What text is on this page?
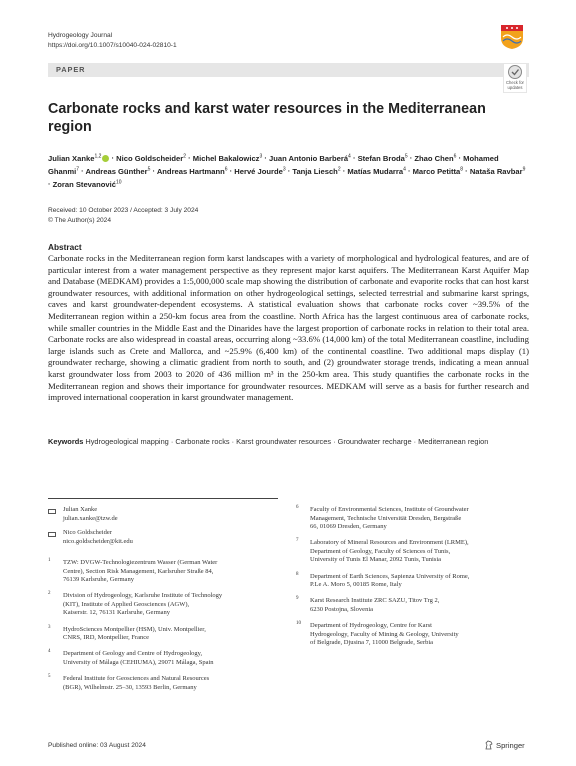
Hydrogeology Journal
https://doi.org/10.1007/s10040-024-02810-1
PAPER
Check for
updates
Carbonate rocks and karst water resources in the Mediterranean region
Julian Xanke$^{1,2}$ · Nico Goldscheider$^2$ · Michel Bakalowicz$^3$ · Juan Antonio Barberá$^4$ · Stefan Broda$^5$ · Zhao Chen$^6$ · Mohamed Ghanmi$^7$ · Andreas Günther$^5$ · Andreas Hartmann$^6$ · Hervé Jourde$^3$ · Tanja Liesch$^2$ · Matías Mudarra$^4$ · Marco Petitta$^8$ · Nataša Ravbar$^9$ · Zoran Stevanović$^{10}$
Received: 10 October 2023 / Accepted: 3 July 2024
© The Author(s) 2024
Abstract
Carbonate rocks in the Mediterranean region form karst landscapes with a variety of morphological and hydrological features, and are of particular interest from a water management perspective as they represent major karst aquifers. The Mediterranean Karst Aquifer Map and Database (MEDKAM) provides a 1:5,000,000 scale map showing the distribution of carbonate and evaporite rocks that can host karst groundwater resources, with additional information on other hydrogeological settings, selected terrestrial and submarine karst springs, caves and karst groundwater-dependent ecosystems. A statistical evaluation shows that carbonate rocks cover ~39.5% of the Mediterranean region within a 250-km focus area from the coastline. North Africa has the largest continuous area of carbonate rocks, while smaller countries in the Middle East and the Dinarides have the largest proportion of carbonate rocks in relation to their total area. Carbonate rocks are also widespread in coastal areas, occurring along ~33.6% (14,000 km) of the total Mediterranean coastline, including large islands such as Crete and Mallorca, and ~25.9% (6,400 km) of the continental coastline. Two additional maps display (1) groundwater recharge, showing a climatic gradient from north to south, and (2) groundwater storage trends, indicating a mean annual karst groundwater loss from 2003 to 2020 of 436 million m³ in the 250-km area. This study quantifies the carbonate rocks in the Mediterranean region and shows their importance for groundwater resources. MEDKAM will serve as a basis for further research and improved international cooperation in karst groundwater management.
Keywords Hydrogeological mapping · Carbonate rocks · Karst groundwater resources · Groundwater recharge · Mediterranean region
Julian Xanke
julian.xanke@tzw.de
Nico Goldscheider
nico.goldscheider@kit.edu
1 TZW: DVGW-Technologiezentrum Wasser (German Water
Centre), Section Risk Management, Karlsruher Straße 84,
76139 Karlsruhe, Germany
2 Division of Hydrogeology, Karlsruhe Institute of Technology
(KIT), Institute of Applied Geosciences (AGW),
Kaiserstr. 12, 76131 Karlsruhe, Germany
3 HydroSciences Montpellier (HSM), Univ. Montpellier,
CNRS, IRD, Montpellier, France
4 Department of Geology and Centre of Hydrogeology,
University of Málaga (CEHIUMA), 29071 Málaga, Spain
5 Federal Institute for Geosciences and Natural Resources
(BGR), Wilhelmstr. 25–30, 13593 Berlin, Germany
6 Faculty of Environmental Sciences, Institute of Groundwater
Management, Technische Universität Dresden, Bergstraße
66, 01069 Dresden, Germany
7 Laboratory of Mineral Resources and Environment (LRME),
Department of Geology, Faculty of Sciences of Tunis,
University of Tunis El Manar, 2092 Tunis, Tunisia
8 Department of Earth Sciences, Sapienza University of Rome,
P.Le A. Moro 5, 00185 Rome, Italy
9 Karst Research Institute ZRC SAZU, Titov Trg 2,
6230 Postojna, Slovenia
10 Department of Hydrogeology, Centre for Karst
Hydrogeology, Faculty of Mining & Geology, University
of Belgrade, Djusina 7, 11000 Belgrade, Serbia
Published online: 03 August 2024	Springer
